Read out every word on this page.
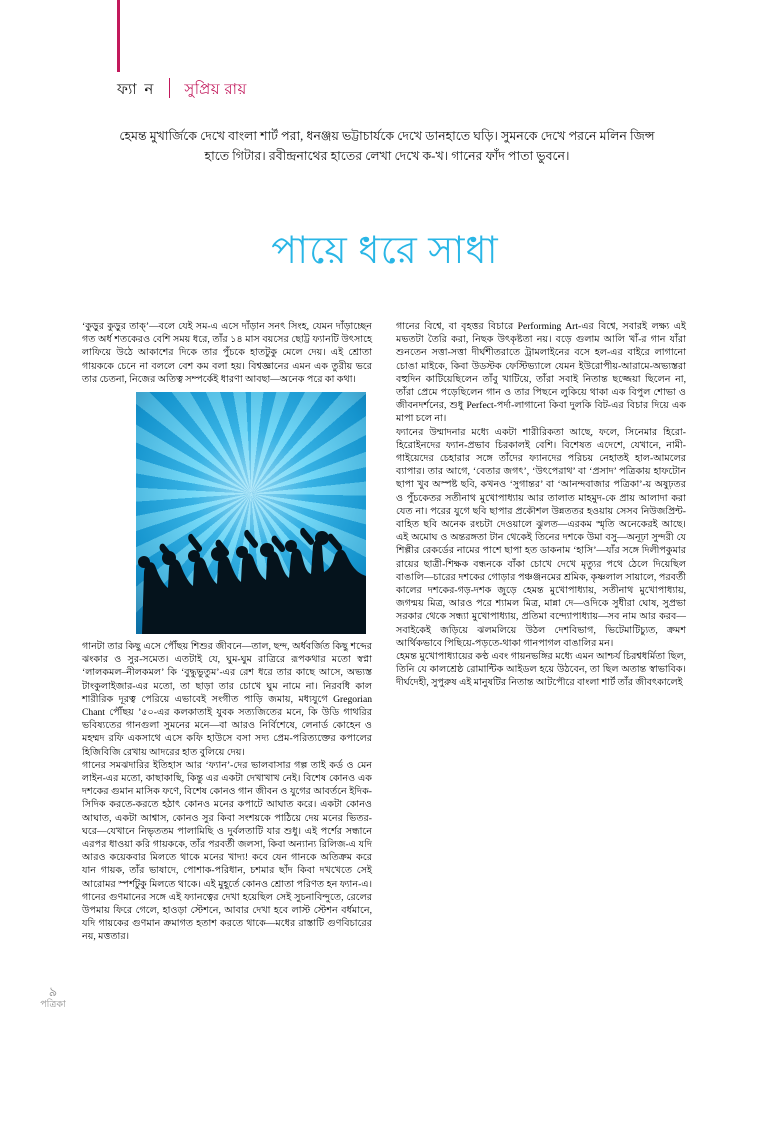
ফ্যা ন	সুপ্রিয় রায়
হেমন্ত মুখার্জিকে দেখে বাংলা শার্ট পরা, ধনঞ্জয় ভট্টাচার্যকে দেখে ডানহাতে ঘড়ি। সুমনকে দেখে পরনে মলিন জিন্স হাতে গিটার। রবীন্দ্রনাথের হাতের লেখা দেখে ক-খ। গানের ফাঁদ পাতা ভুবনে।
পায়ে ধরে সাধা

‘কুড়ুর কুড়ুর তাক্’—বলে যেই সম-এ এসে দাঁড়ান সনৎ সিংহ, যেমন দাঁড়াচ্ছেন গত অর্ধ শতকেরও বেশি সময় ধরে, তাঁর ১৪ মাস বয়সের ছোট্ট ফ্যানটি উৎসাহে লাফিয়ে উঠে আকাশের দিকে তার পুঁচকে হাতটুকু মেলে দেয়। এই শ্রোতা গায়ককে চেনে না বললে বেশ কম বলা হয়। বিশ্বজ্ঞানের এমন এক তুরীয় ভরে তার চেতনা, নিজের অতিত্ব সম্পর্কেই ধারণা আবছা—অনেক পরে কা কথা।

গানটা তার কিছু এসে পৌঁছয় শিশুর জীবনে—তাল, ছন্দ, অর্ধবর্জিত কিছু শব্দের ঝংকার ও সুর-সমেত। এতটাই যে, ঘুম-ঘুম রাত্রিরে রূপকথার মতো স্বপ্না ‘লালকমল–নীলকমল’ কি ‘বুদ্ধুভুতুম’-এর রেশ ধরে তার কাছে আসে, অভ্যস্ত টাংকুলাইজার-এর মতো, তা ছাড়া তার চোখে ঘুম নামে না। নিরবধি কাল শারীরিক দূরত্ব পেরিয়ে এভাবেই সংগীত পাড়ি জমায়, মধ্যযুগে Gregorian Chant পৌঁছয় ’৫০-এর কলকাতাই যুবক সত্যজিতের মনে, কি উডি গাথরির ভবিষ্যতের গানগুলা সুমনের মনে—বা আরও নির্বিশেষে, লেনার্ড কোহেন ও মহম্মদ রফি একসাথে এসে কফি হাউসে বসা সদ্য প্রেম-পরিত্যক্তের কপালের হিজিবিজি রেখায় আদরের হাত বুলিয়ে দেয়।

গানের সমঝদারির ইতিহাস আর ‘ফ্যান’-দের ভালবাসার গল্প তাই কর্ড ও মেন লাইন-এর মতো, কাছাকাছি, কিন্তু এর একটা দেখাখাখ নেই। বিশেষ কোনও এক দশকের গুমান মাসিক ফণে, বিশেষ কোনও গান জীবন ও যুগের আবর্তনে ইদিক-সিদিক করতে-করতে হঠাৎ কোনও মনের কপাটে আঘাত করে। একটা কোনও আঘাত, একটা আশ্বাস, কোনও সুর কিবা সংশয়কে পাঠিয়ে দেয় মনের ভিতর-ঘরে—যেখানে নিভৃততম পালামিছি ও দুর্বলতাটি যার শুধু। এই পর্শের সন্ধানে এরপর ধাওয়া করি গায়ককে, তাঁর পরবর্তী জলসা, কিবা অন্যান্য রিলিজ-এ যদি আরও কয়েকবার মিলতে থাকে মনের খাদ্য! কবে যেন গানকে অতিক্রম করে যান গায়ক, তাঁর ভাষাদে, পোশাক-পরিধান, চশমার ছাঁদ কিবা দখখেতে সেই আরোমর স্পর্শটুকু মিলতে থাকে। এই মুহূর্তে কোনও শ্রোতা পরিণত হন ফ্যান-এ। গানের গুণমানের সঙ্গে এই ফ্যানত্বের দেখা হয়েছিল সেই সুচনাবিন্দুতে, রেলের উপমায় ফিরে গেলে, হাওড়া স্টেশনে, আবার দেখা হবে লাস্ট স্টেশন বর্ধমানে, যদি গায়কের গুণমান ক্রমাগত হতাশ করতে থাকে—মধের রাস্তাটি গুণবিচারের নয়, মত্ততার।

গানের বিশ্বে, বা বৃহত্তর বিচারে Performing Art-এর বিশ্বে, সবারই লক্ষ্য এই মভতটা তৈরি করা, নিছক উৎকৃষ্টতা নয়। বড়ে গুলাম আলি খাঁ-র গান যাঁরা শুনতেন সত্তা-সত্তা দীর্ঘশীতরাতে ট্রামলাইনের বসে হল-এর বাইরে লাগানো চোঙা মাইকে, কিবা উডস্টক ফেস্টিভ্যালে যেমন ইউরোপীয়-আরামে-অভ্যস্তরা বহুদিন কাটিয়েছিলেন তাঁবু খাটিয়ে, তাঁরা সবাই নিতান্ত ছজ্জেয়া ছিলেন না, তাঁরা প্রেমে পড়েছিলেন গান ও তার পিছনে লুকিয়ে থাকা এক বিপুল শোভা ও জীবনদর্শনের, শুধু Perfect-পর্দা-লাগানো কিবা দুলকি বিট-এর বিচার দিয়ে এক মাপা চলে না।

ফ্যানের উম্মাদনার মধ্যে একটা শারীরিকতা আছে, ফলে, সিনেমার হিরো-হিরোইনদের ফ্যান-প্রভাব চিরকালই বেশি। বিশেষত এদেশে, যেখানে, নামী-গাইয়েদের চেহারার সঙ্গে তাঁদের ফ্যানদের পরিচয় নেহাতই হাল-আমলের ব্যাপার। তার আগে, ‘বেতার জগৎ’, ‘উৎপেরাথ’ বা ‘প্রসাদ’ পত্রিকায় হাফটোন ছাপা খুব অস্পষ্ট ছবি, কখনও ‘সুগান্তর’ বা ‘আনন্দবাজার পত্রিকা’-য় অষুঢ়তর ও পুঁচকেতর সতীনাথ মুখোপাধ্যায় আর তালাত মাহমুদ-কে প্রায় আলাদা করা যেত না। পরের যুগে ছবি ছাপার প্রকৌশল উন্নততর হওয়ায় সেসব নিউজপ্রিন্ট-বাহিত ছবি অনেক রংচটা দেওয়ালে ঝুলত—এরকম স্মৃতি অনেকেরই আছে। এই অমোঘ ও অন্তরঙ্গতা টান থেকেই তিনের দশকে উমা বসু—অনূঢ়া সুন্দরী যে শিল্পীর রেকর্ডের নামের পাশে ছাপা হত ডাকনাম ‘হাসি’—যাঁর সঙ্গে দিলীপকুমার রায়ের ছাত্রী-শিক্ষক বন্ধনকে বাঁকা চোখে দেখে মৃত্যুর পথে ঠেলে দিয়েছিল বাঙালি—চারের দশকের গোড়ার পঞ্চঞ্জনমের শ্রমিক, কৃষ্ণলাল সায়ালে, পরবর্তী কালের দশকের-গড়-দশক জুড়ে হেমন্ত মুখোপাধ্যায়, সতীনাথ মুখোপাধ্যায়, জগন্ময় মিত্র, আরও পরে শ্যামল মিত্র, মান্না দে—ওদিকে সুধীরা ঘোষ, সুপ্রভা সরকার থেকে সন্ধ্যা মুখোপাধ্যায়, প্রতিমা বন্দ্যোপাধ্যায়—সব নাম আর করব—সবাইকেই জড়িয়ে ঝলমলিয়ে উঠল দেশবিভাগ, ভিটেমাটিচ্যুত, ক্রমশ আর্থিকভাবে পিছিয়ে-পড়তে-থাকা গানপাগল বাঙালির মন।

হেমন্ত মুখোপাধ্যায়ের কণ্ঠ এবং গায়নভঙ্গির মধ্যে এমন আশ্চর্য চিরশ্বধর্মিতা ছিল, তিনি যে কালশ্রেষ্ঠ রোমান্টিক আইডল হয়ে উঠবেন, তা ছিল অতান্ত স্বাভাবিক। দীর্ঘদেহী, সুপুরুষ এই মানুষটির নিতান্ত আটপৌরে বাংলা শার্ট তাঁর জীবৎকালেই

৯
পত্রিকা
